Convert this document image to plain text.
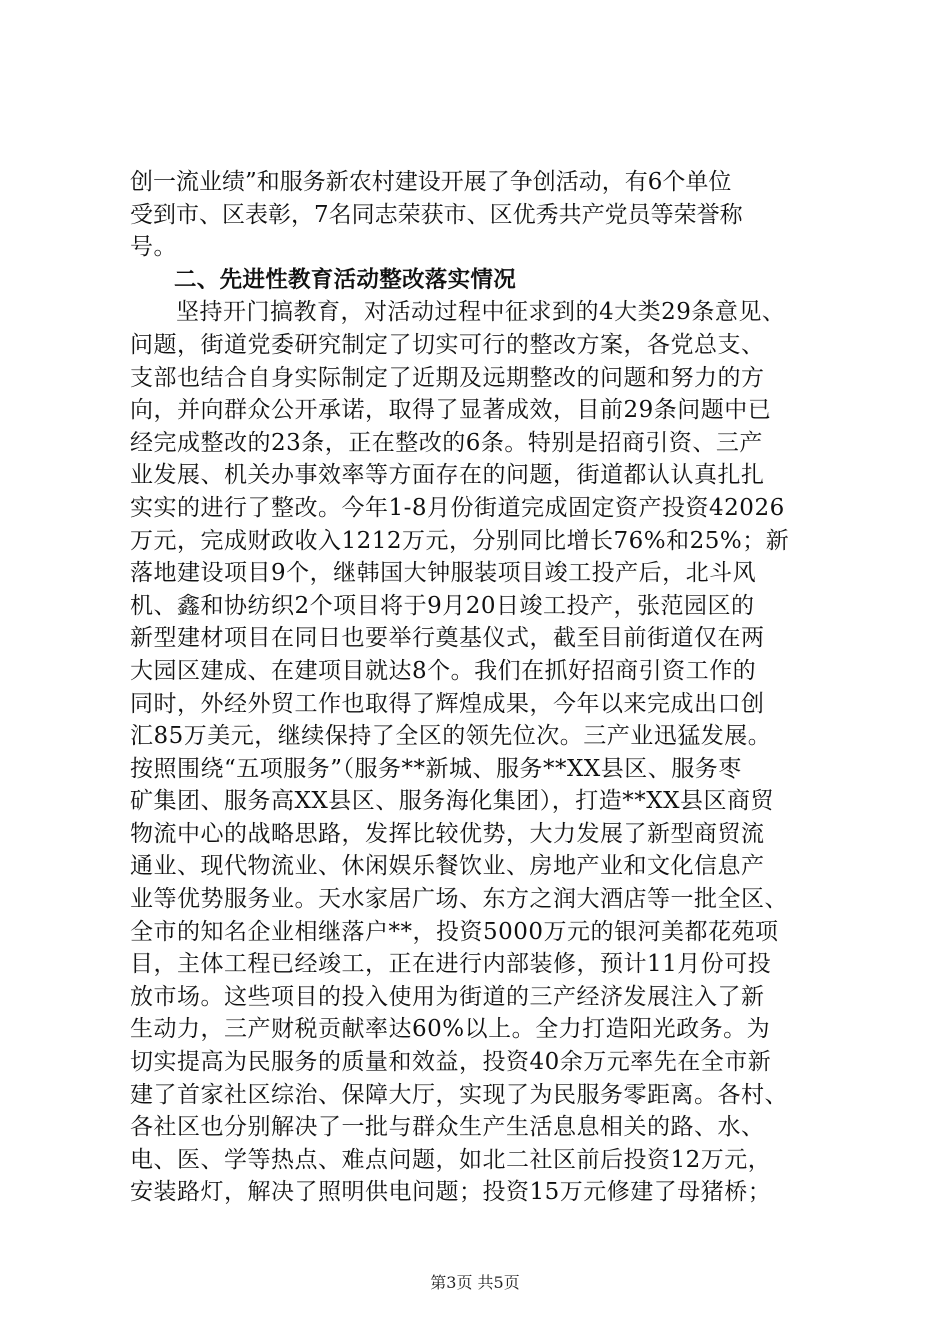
创一流业绩”和服务新农村建设开展了争创活动，有6个单位
受到市、区表彰，7名同志荣获市、区优秀共产党员等荣誉称
号。
二、先进性教育活动整改落实情况
坚持开门搞教育，对活动过程中征求到的4大类29条意见、
问题，街道党委研究制定了切实可行的整改方案，各党总支、
支部也结合自身实际制定了近期及远期整改的问题和努力的方
向，并向群众公开承诺，取得了显著成效，目前29条问题中已
经完成整改的23条，正在整改的6条。特别是招商引资、三产
业发展、机关办事效率等方面存在的问题，街道都认认真扎扎
实实的进行了整改。今年1-8月份街道完成固定资产投资42026
万元，完成财政收入1212万元，分别同比增长76%和25%；新
落地建设项目9个，继韩国大钟服装项目竣工投产后，北斗风
机、鑫和协纺织2个项目将于9月20日竣工投产，张范园区的
新型建材项目在同日也要举行奠基仪式，截至目前街道仅在两
大园区建成、在建项目就达8个。我们在抓好招商引资工作的
同时，外经外贸工作也取得了辉煌成果，今年以来完成出口创
汇85万美元，继续保持了全区的领先位次。三产业迅猛发展。
按照围绕“五项服务”（服务**新城、服务**XX县区、服务枣
矿集团、服务高XX县区、服务海化集团），打造**XX县区商贸
物流中心的战略思路，发挥比较优势，大力发展了新型商贸流
通业、现代物流业、休闲娱乐餐饮业、房地产业和文化信息产
业等优势服务业。天水家居广场、东方之润大酒店等一批全区、
全市的知名企业相继落户**，投资5000万元的银河美都花苑项
目，主体工程已经竣工，正在进行内部装修，预计11月份可投
放市场。这些项目的投入使用为街道的三产经济发展注入了新
生动力，三产财税贡献率达60%以上。全力打造阳光政务。为
切实提高为民服务的质量和效益，投资40余万元率先在全市新
建了首家社区综治、保障大厅，实现了为民服务零距离。各村、
各社区也分别解决了一批与群众生产生活息息相关的路、水、
电、医、学等热点、难点问题，如北二社区前后投资12万元，
安装路灯，解决了照明供电问题；投资15万元修建了母猪桥；
第3页 共5页
